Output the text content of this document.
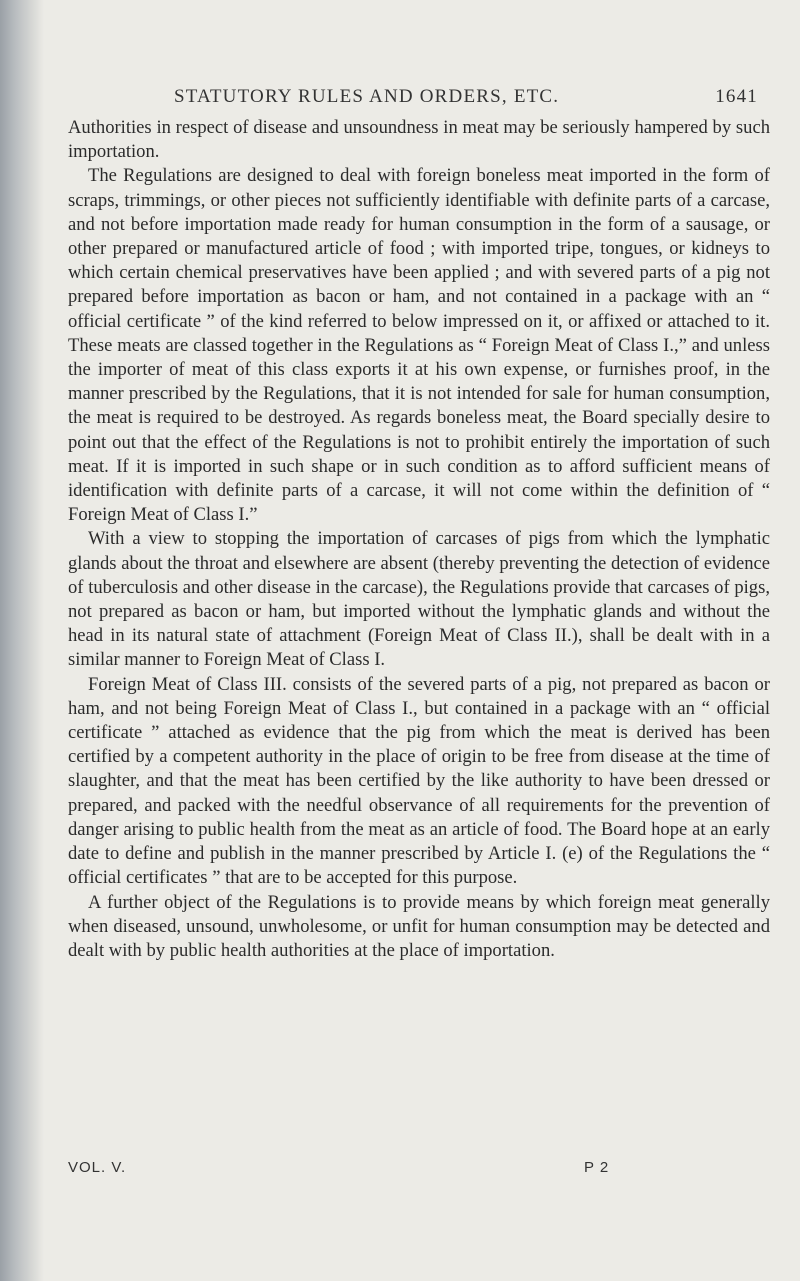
STATUTORY RULES AND ORDERS, ETC.	1641

Authorities in respect of disease and unsoundness in meat may be seriously hampered by such importation.

The Regulations are designed to deal with foreign boneless meat imported in the form of scraps, trimmings, or other pieces not sufficiently identifiable with definite parts of a carcase, and not before importation made ready for human consumption in the form of a sausage, or other prepared or manufactured article of food ; with imported tripe, tongues, or kidneys to which certain chemical preservatives have been applied ; and with severed parts of a pig not prepared before importation as bacon or ham, and not contained in a package with an “ official certificate ” of the kind referred to below impressed on it, or affixed or attached to it. These meats are classed together in the Regulations as “ Foreign Meat of Class I.,” and unless the importer of meat of this class exports it at his own expense, or furnishes proof, in the manner prescribed by the Regulations, that it is not intended for sale for human consumption, the meat is required to be destroyed. As regards boneless meat, the Board specially desire to point out that the effect of the Regulations is not to prohibit entirely the importation of such meat. If it is imported in such shape or in such condition as to afford sufficient means of identification with definite parts of a carcase, it will not come within the definition of “ Foreign Meat of Class I.”

With a view to stopping the importation of carcases of pigs from which the lymphatic glands about the throat and elsewhere are absent (thereby preventing the detection of evidence of tuberculosis and other disease in the carcase), the Regulations provide that carcases of pigs, not prepared as bacon or ham, but imported without the lymphatic glands and without the head in its natural state of attachment (Foreign Meat of Class II.), shall be dealt with in a similar manner to Foreign Meat of Class I.

Foreign Meat of Class III. consists of the severed parts of a pig, not prepared as bacon or ham, and not being Foreign Meat of Class I., but contained in a package with an “ official certificate ” attached as evidence that the pig from which the meat is derived has been certified by a competent authority in the place of origin to be free from disease at the time of slaughter, and that the meat has been certified by the like authority to have been dressed or prepared, and packed with the needful observance of all requirements for the prevention of danger arising to public health from the meat as an article of food. The Board hope at an early date to define and publish in the manner prescribed by Article I. (e) of the Regulations the “ official certificates ” that are to be accepted for this purpose.

A further object of the Regulations is to provide means by which foreign meat generally when diseased, unsound, unwholesome, or unfit for human consumption may be detected and dealt with by public health authorities at the place of importation.

VOL. V.	P 2
